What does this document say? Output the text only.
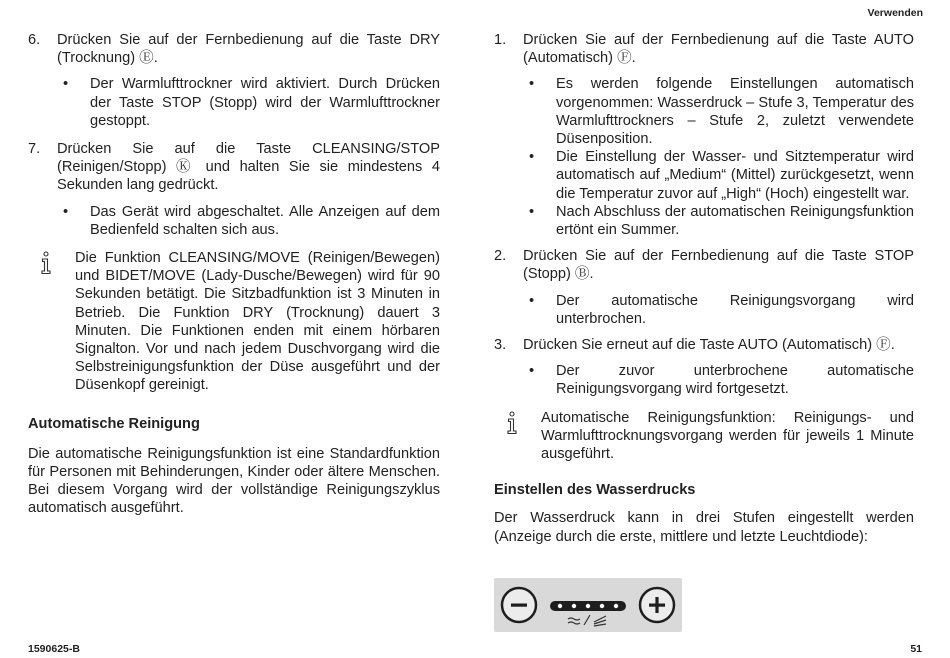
Verwenden
6. Drücken Sie auf der Fernbedienung auf die Taste DRY (Trocknung) Ⓔ.
• Der Warmlufttrockner wird aktiviert. Durch Drücken der Taste STOP (Stopp) wird der Warmlufttrockner gestoppt.
7. Drücken Sie auf die Taste CLEANSING/STOP (Reinigen/Stopp) Ⓚ und halten Sie sie mindestens 4 Sekunden lang gedrückt.
• Das Gerät wird abgeschaltet. Alle Anzeigen auf dem Bedienfeld schalten sich aus.
Die Funktion CLEANSING/MOVE (Reinigen/Bewegen) und BIDET/MOVE (Lady-Dusche/Bewegen) wird für 90 Sekunden betätigt. Die Sitzbadfunktion ist 3 Minuten in Betrieb. Die Funktion DRY (Trocknung) dauert 3 Minuten. Die Funktionen enden mit einem hörbaren Signalton. Vor und nach jedem Duschvorgang wird die Selbstreinigungsfunktion der Düse ausgeführt und der Düsenkopf gereinigt.
Automatische Reinigung
Die automatische Reinigungsfunktion ist eine Standardfunktion für Personen mit Behinderungen, Kinder oder ältere Menschen. Bei diesem Vorgang wird der vollständige Reinigungszyklus automatisch ausgeführt.
1. Drücken Sie auf der Fernbedienung auf die Taste AUTO (Automatisch) Ⓕ.
• Es werden folgende Einstellungen automatisch vorgenommen: Wasserdruck – Stufe 3, Temperatur des Warmlufttrockners – Stufe 2, zuletzt verwendete Düsenposition.
• Die Einstellung der Wasser- und Sitztemperatur wird automatisch auf „Medium“ (Mittel) zurückgesetzt, wenn die Temperatur zuvor auf „High“ (Hoch) eingestellt war.
• Nach Abschluss der automatischen Reinigungsfunktion ertönt ein Summer.
2. Drücken Sie auf der Fernbedienung auf die Taste STOP (Stopp) Ⓑ.
• Der automatische Reinigungsvorgang wird unterbrochen.
3. Drücken Sie erneut auf die Taste AUTO (Automatisch) Ⓕ.
• Der zuvor unterbrochene automatische Reinigungsvorgang wird fortgesetzt.
Automatische Reinigungsfunktion: Reinigungs- und Warmlufttrocknungsvorgang werden für jeweils 1 Minute ausgeführt.
Einstellen des Wasserdrucks
Der Wasserdruck kann in drei Stufen eingestellt werden (Anzeige durch die erste, mittlere und letzte Leuchtdiode):
1590625-B	51
